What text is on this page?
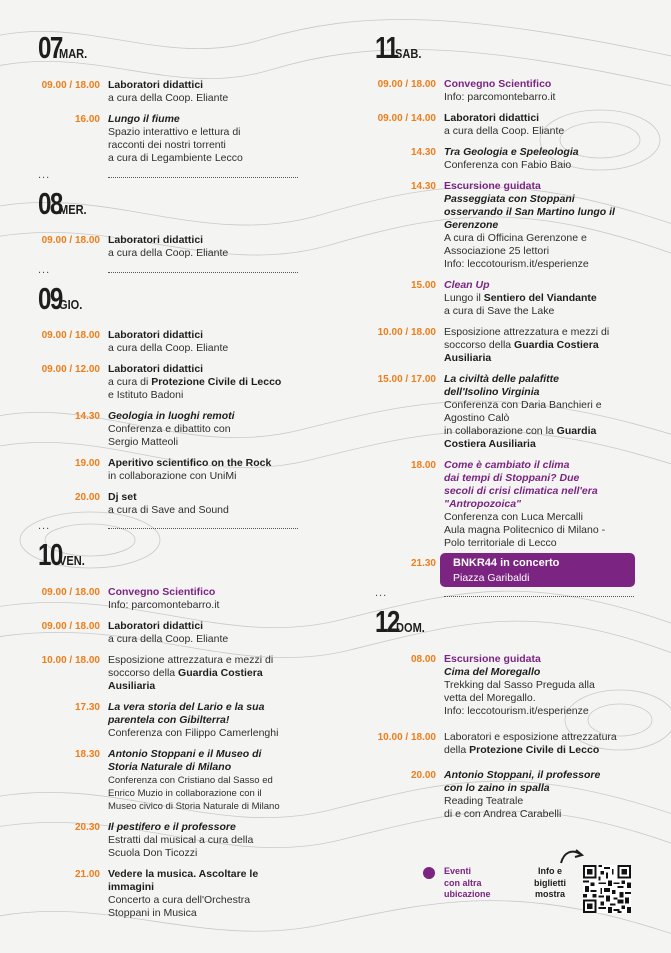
07MAR.
09.00 / 18.00 Laboratori didattici
a cura della Coop. Eliante
16.00 Lungo il fiume
Spazio interattivo e lettura di
racconti dei nostri torrenti
a cura di Legambiente Lecco
...
08MER.
09.00 / 18.00 Laboratori didattici
a cura della Coop. Eliante
...
09GIO.
09.00 / 18.00 Laboratori didattici
a cura della Coop. Eliante
09.00 / 12.00 Laboratori didattici
a cura di Protezione Civile di Lecco
e Istituto Badoni
14.30 Geologia in luoghi remoti
Conferenza e dibattito con
Sergio Matteoli
19.00 Aperitivo scientifico on the Rock
in collaborazione con UniMi
20.00 Dj set
a cura di Save and Sound
...
10VEN.
09.00 / 18.00 Convegno Scientifico
Info: parcomontebarro.it
09.00 / 18.00 Laboratori didattici
a cura della Coop. Eliante
10.00 / 18.00 Esposizione attrezzatura e mezzi di
soccorso della Guardia Costiera
Ausiliaria
17.30 La vera storia del Lario e la sua
parentela con Gibilterra!
Conferenza con Filippo Camerlenghi
18.30 Antonio Stoppani e il Museo di
Storia Naturale di Milano
Conferenza con Cristiano dal Sasso ed
Enrico Muzio in collaborazione con il
Museo civico di Storia Naturale di Milano
20.30 Il pestifero e il professore
Estratti dal musical a cura della
Scuola Don Ticozzi
21.00 Vedere la musica. Ascoltare le
immagini
Concerto a cura dell'Orchestra
Stoppani in Musica
11SAB.
09.00 / 18.00 Convegno Scientifico
Info: parcomontebarro.it
09.00 / 14.00 Laboratori didattici
a cura della Coop. Eliante
14.30 Tra Geologia e Speleologia
Conferenza con Fabio Baio
14.30 Escursione guidata
Passeggiata con Stoppani
osservando il San Martino lungo il
Gerenzone
A cura di Officina Gerenzone e
Associazione 25 lettori
Info: leccotourism.it/esperienze
15.00 Clean Up
Lungo il Sentiero del Viandante
a cura di Save the Lake
10.00 / 18.00 Esposizione attrezzatura e mezzi di
soccorso della Guardia Costiera
Ausiliaria
15.00 / 17.00 La civiltà delle palafitte
dell'Isolino Virginia
Conferenza con Daria Banchieri e
Agostino Calò
in collaborazione con la Guardia
Costiera Ausiliaria
18.00 Come è cambiato il clima
dai tempi di Stoppani? Due
secoli di crisi climatica nell'era
"Antropozoica"
Conferenza con Luca Mercalli
Aula magna Politecnico di Milano -
Polo territoriale di Lecco
21.30 BNKR44 in concerto
Piazza Garibaldi
...
12DOM.
08.00 Escursione guidata
Cima del Moregallo
Trekking dal Sasso Preguda alla
vetta del Moregallo.
Info: leccotourism.it/esperienze
10.00 / 18.00 Laboratori e esposizione attrezzatura
della Protezione Civile di Lecco
20.00 Antonio Stoppani, il professore
con lo zaino in spalla
Reading Teatrale
di e con Andrea Carabelli
Eventi
con altra
ubicazione
Info e
biglietti
mostra
